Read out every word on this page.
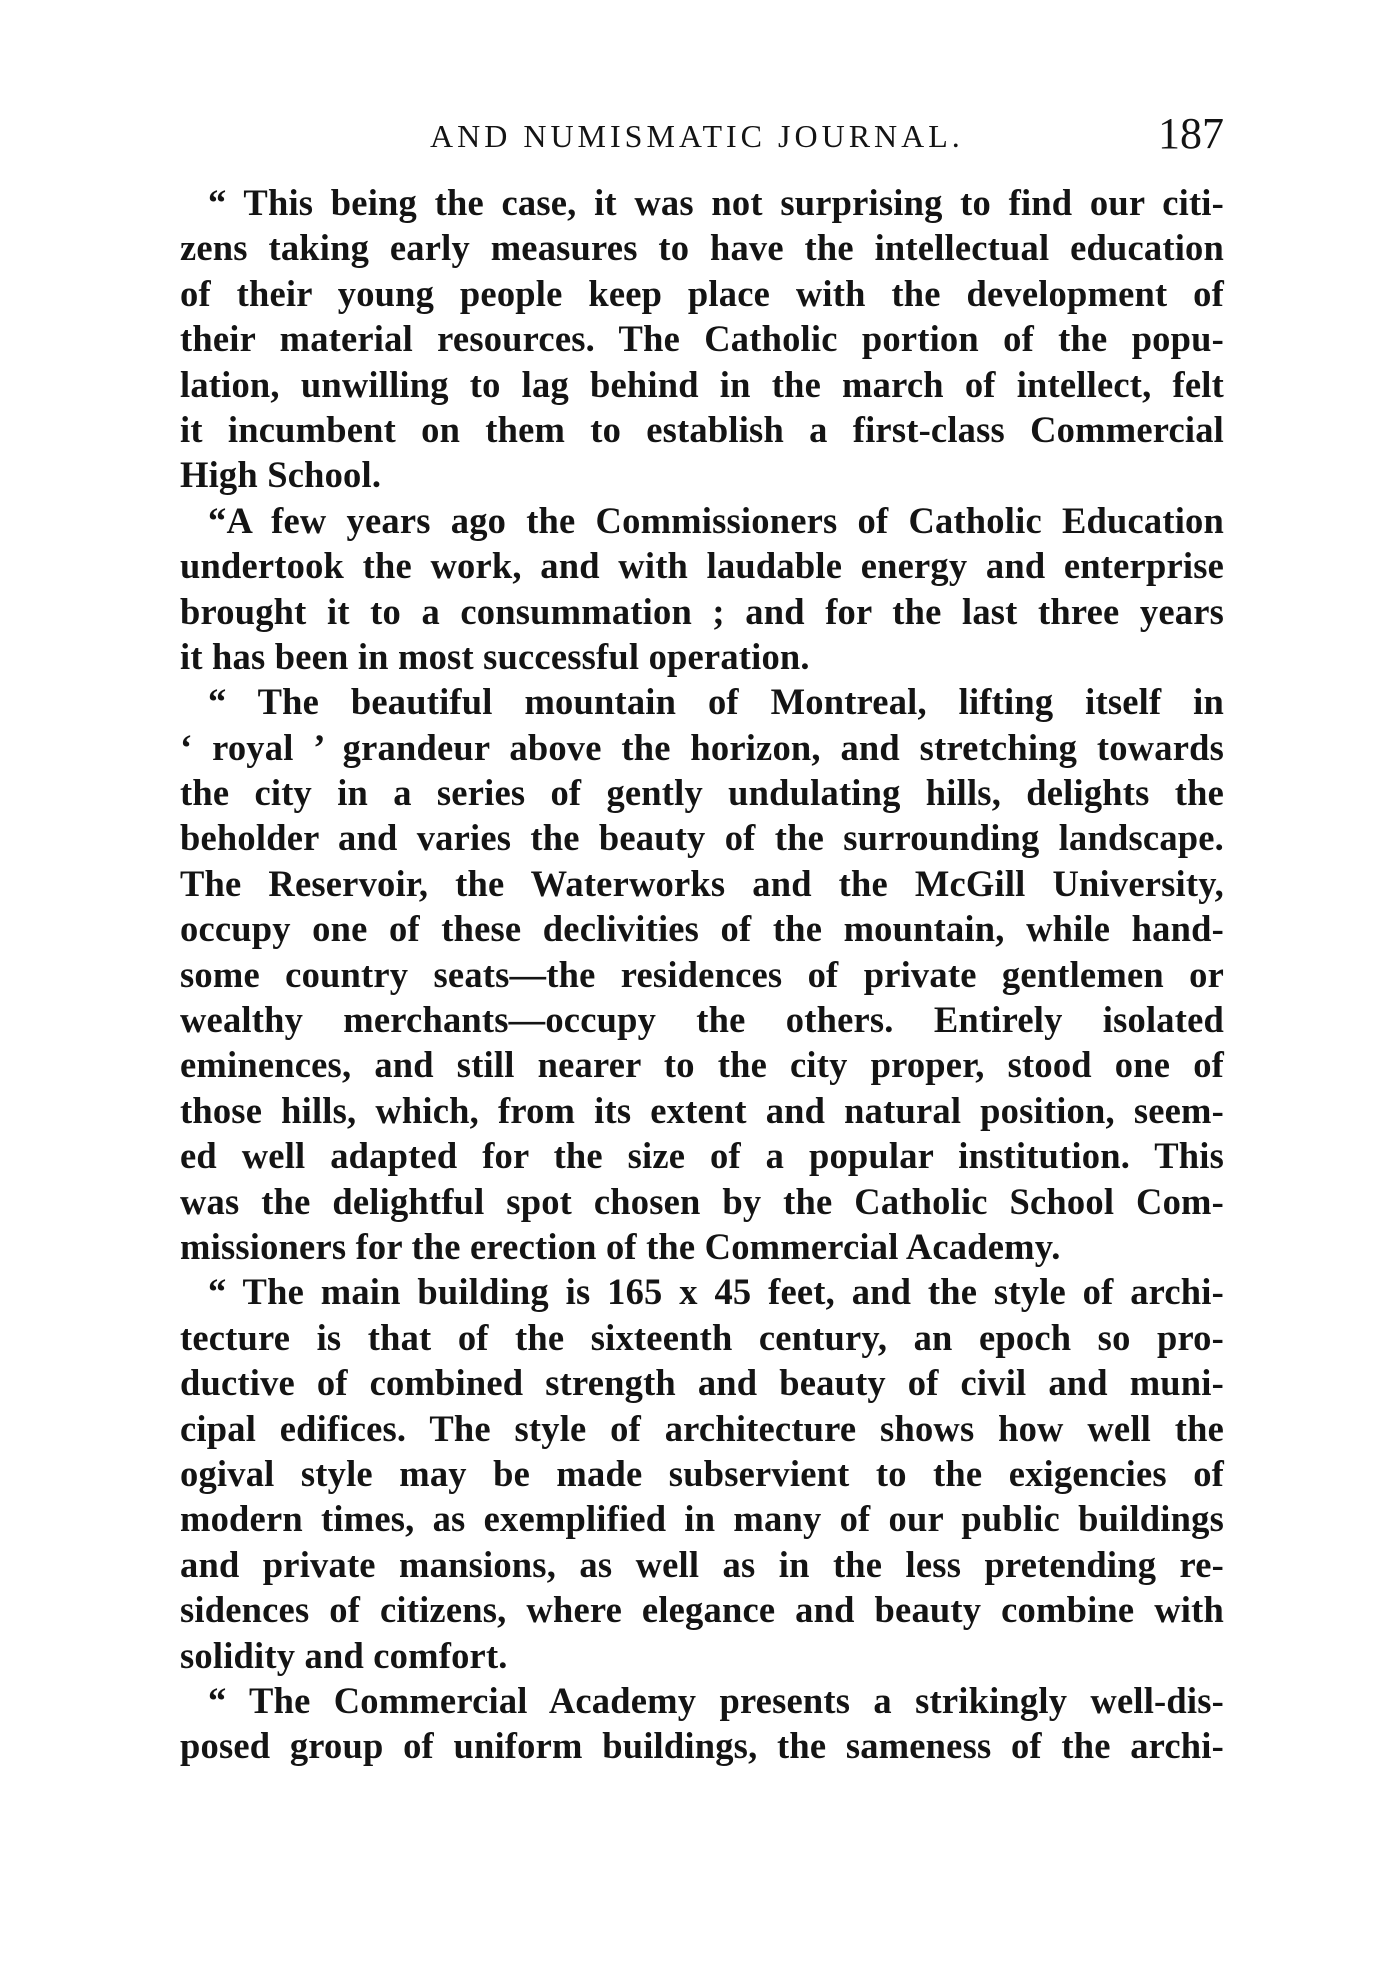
AND NUMISMATIC JOURNAL.	187
“ This being the case, it was not surprising to find our citi-
zens taking early measures to have the intellectual education
of their young people keep place with the development of
their material resources. The Catholic portion of the popu-
lation, unwilling to lag behind in the march of intellect, felt
it incumbent on them to establish a first-class Commercial
High School.
“A few years ago the Commissioners of Catholic Education
undertook the work, and with laudable energy and enterprise
brought it to a consummation ; and for the last three years
it has been in most successful operation.
“ The beautiful mountain of Montreal, lifting itself in
‘ royal ’ grandeur above the horizon, and stretching towards
the city in a series of gently undulating hills, delights the
beholder and varies the beauty of the surrounding landscape.
The Reservoir, the Waterworks and the McGill University,
occupy one of these declivities of the mountain, while hand-
some country seats—the residences of private gentlemen or
wealthy merchants—occupy the others. Entirely isolated
eminences, and still nearer to the city proper, stood one of
those hills, which, from its extent and natural position, seem-
ed well adapted for the size of a popular institution. This
was the delightful spot chosen by the Catholic School Com-
missioners for the erection of the Commercial Academy.
“ The main building is 165 x 45 feet, and the style of archi-
tecture is that of the sixteenth century, an epoch so pro-
ductive of combined strength and beauty of civil and muni-
cipal edifices. The style of architecture shows how well the
ogival style may be made subservient to the exigencies of
modern times, as exemplified in many of our public buildings
and private mansions, as well as in the less pretending re-
sidences of citizens, where elegance and beauty combine with
solidity and comfort.
“ The Commercial Academy presents a strikingly well-dis-
posed group of uniform buildings, the sameness of the archi-
